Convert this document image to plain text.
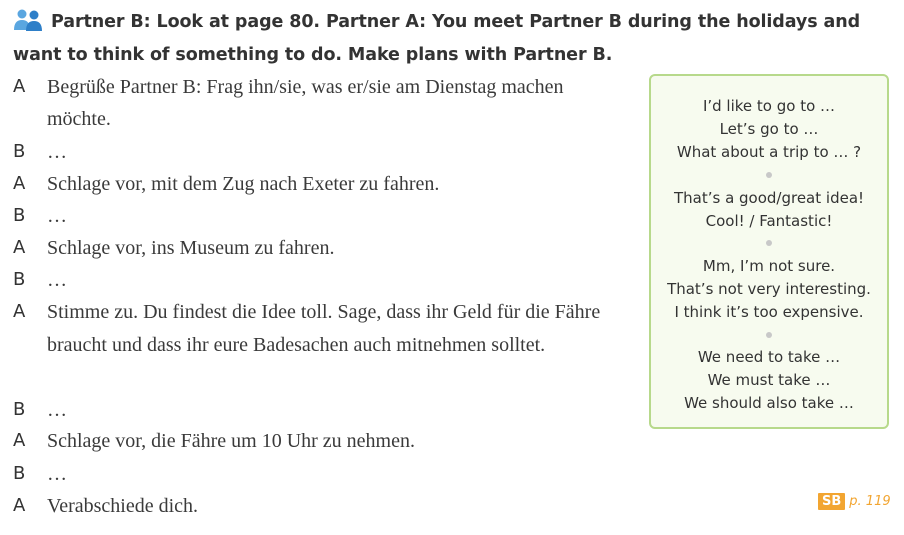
Partner B: Look at page 80. Partner A: You meet Partner B during the holidays and want to think of something to do. Make plans with Partner B.
A	Begrüße Partner B: Frag ihn/sie, was er/sie am Dienstag machen möchte.
B	…
A	Schlage vor, mit dem Zug nach Exeter zu fahren.
B	…
A	Schlage vor, ins Museum zu fahren.
B	…
A	Stimme zu. Du findest die Idee toll. Sage, dass ihr Geld für die Fähre braucht und dass ihr eure Badesachen auch mitnehmen solltet.
B	…
A	Schlage vor, die Fähre um 10 Uhr zu nehmen.
B	…
A	Verabschiede dich.
I’d like to go to …
Let’s go to …
What about a trip to … ?
That’s a good/great idea!
Cool! / Fantastic!
Mm, I’m not sure.
That’s not very interesting.
I think it’s too expensive.
We need to take …
We must take …
We should also take …
SB p. 119
